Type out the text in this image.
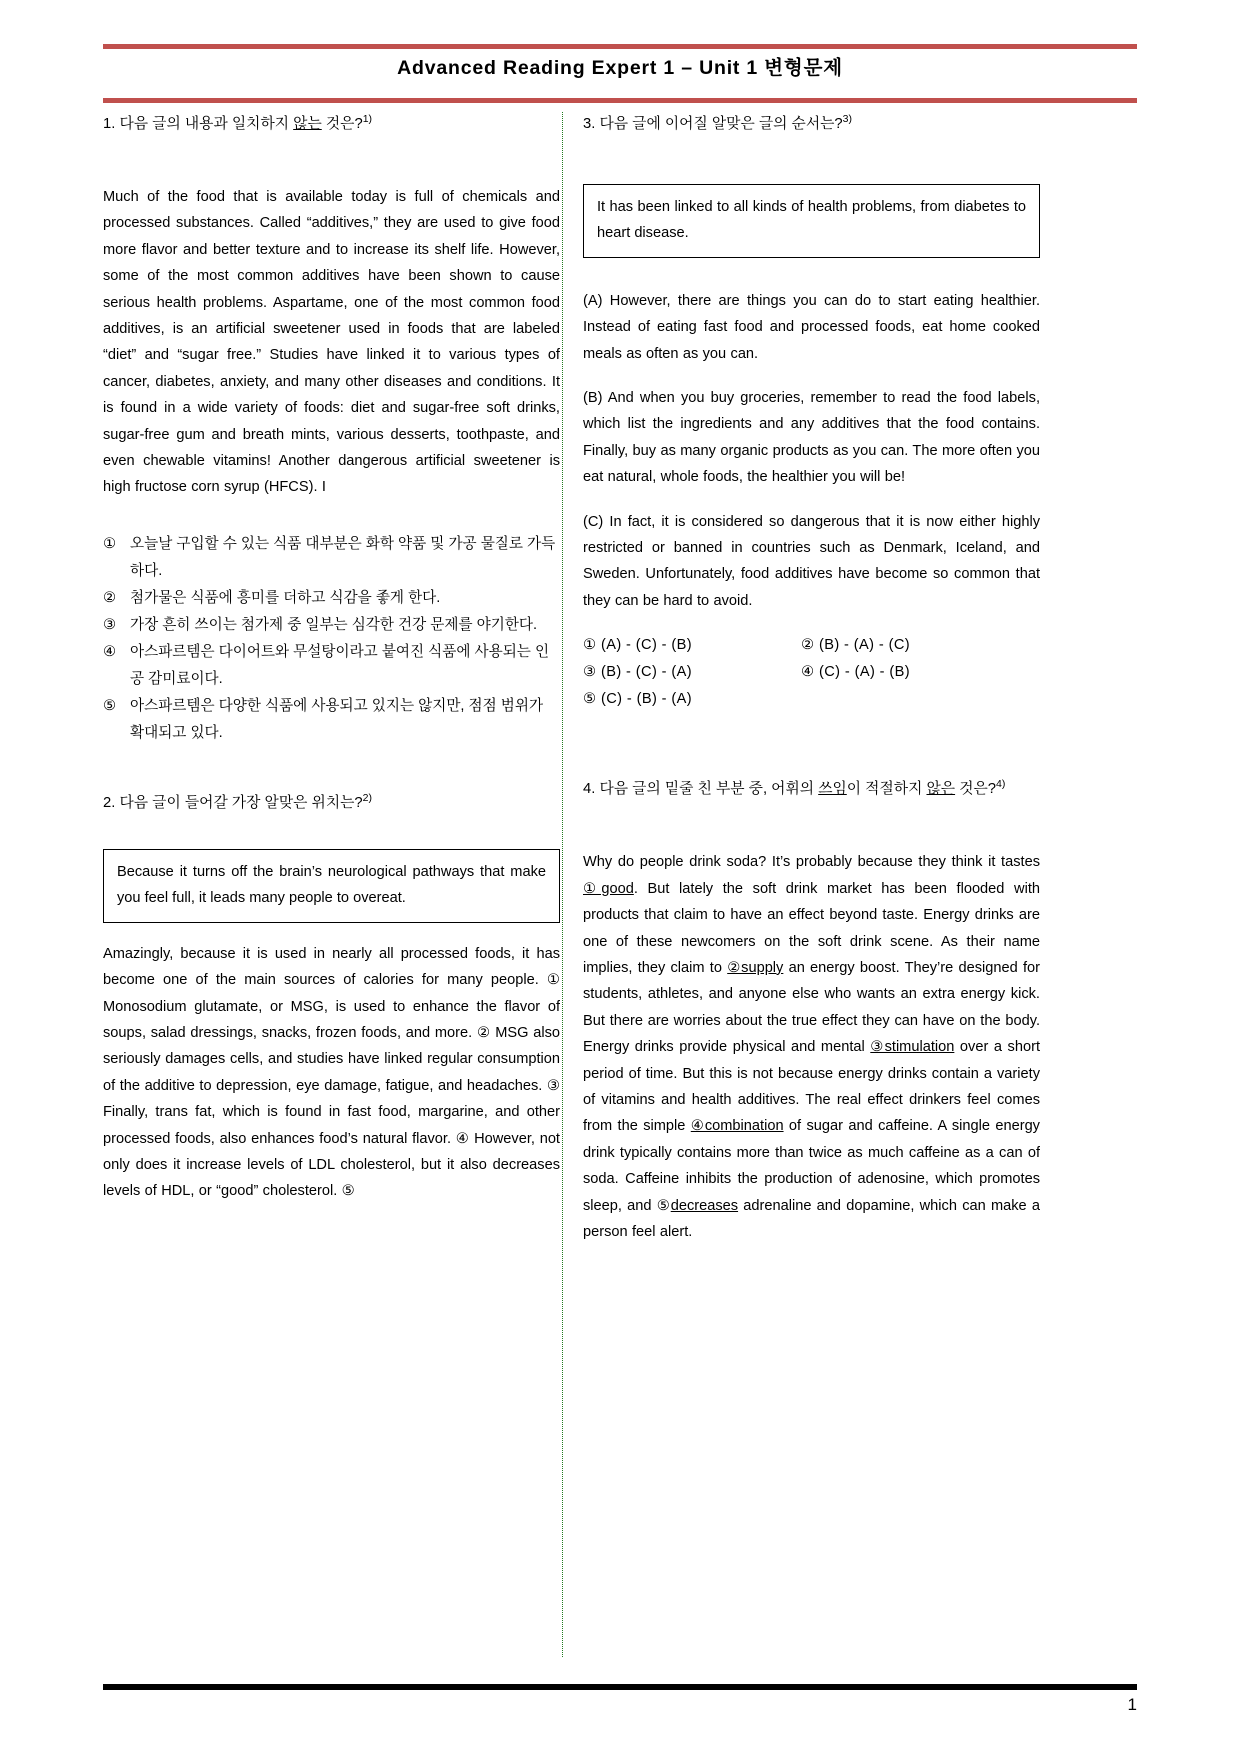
Advanced Reading Expert 1 – Unit 1 변형문제
1. 다음 글의 내용과 일치하지 않는 것은?$^{1)}$

Much of the food that is available today is full of chemicals and processed substances. Called “additives,” they are used to give food more flavor and better texture and to increase its shelf life. However, some of the most common additives have been shown to cause serious health problems. Aspartame, one of the most common food additives, is an artificial sweetener used in foods that are labeled “diet” and “sugar free.” Studies have linked it to various types of cancer, diabetes, anxiety, and many other diseases and conditions. It is found in a wide variety of foods: diet and sugar-free soft drinks, sugar-free gum and breath mints, various desserts, toothpaste, and even chewable vitamins! Another dangerous artificial sweetener is high fructose corn syrup (HFCS). I

① 오늘날 구입할 수 있는 식품 대부분은 화학 약품 및 가공 물질로 가득하다.
② 첨가물은 식품에 흥미를 더하고 식감을 좋게 한다.
③ 가장 흔히 쓰이는 첨가제 중 일부는 심각한 건강 문제를 야기한다.
④ 아스파르템은 다이어트와 무설탕이라고 붙여진 식품에 사용되는 인공 감미료이다.
⑤ 아스파르템은 다양한 식품에 사용되고 있지는 않지만, 점점 범위가 확대되고 있다.
2. 다음 글이 들어갈 가장 알맞은 위치는?$^{2)}$
Because it turns off the brain’s neurological pathways that make you feel full, it leads many people to overeat.

Amazingly, because it is used in nearly all processed foods, it has become one of the main sources of calories for many people. ① Monosodium glutamate, or MSG, is used to enhance the flavor of soups, salad dressings, snacks, frozen foods, and more. ② MSG also seriously damages cells, and studies have linked regular consumption of the additive to depression, eye damage, fatigue, and headaches. ③ Finally, trans fat, which is found in fast food, margarine, and other processed foods, also enhances food’s natural flavor. ④ However, not only does it increase levels of LDL cholesterol, but it also decreases levels of HDL, or “good” cholesterol. ⑤

3. 다음 글에 이어질 알맞은 글의 순서는?$^{3)}$
It has been linked to all kinds of health problems, from diabetes to heart disease.

(A) However, there are things you can do to start eating healthier. Instead of eating fast food and processed foods, eat home cooked meals as often as you can.

(B) And when you buy groceries, remember to read the food labels, which list the ingredients and any additives that the food contains. Finally, buy as many organic products as you can. The more often you eat natural, whole foods, the healthier you will be!

(C) In fact, it is considered so dangerous that it is now either highly restricted or banned in countries such as Denmark, Iceland, and Sweden. Unfortunately, food additives have become so common that they can be hard to avoid.

① (A) - (C) - (B)	② (B) - (A) - (C)
③ (B) - (C) - (A)	④ (C) - (A) - (B)
⑤ (C) - (B) - (A)
4. 다음 글의 밑줄 친 부분 중, 어휘의 쓰임이 적절하지 않은 것은?$^{4)}$

Why do people drink soda? It’s probably because they think it tastes ①good. But lately the soft drink market has been flooded with products that claim to have an effect beyond taste. Energy drinks are one of these newcomers on the soft drink scene. As their name implies, they claim to ②supply an energy boost. They’re designed for students, athletes, and anyone else who wants an extra energy kick. But there are worries about the true effect they can have on the body. Energy drinks provide physical and mental ③stimulation over a short period of time. But this is not because energy drinks contain a variety of vitamins and health additives. The real effect drinkers feel comes from the simple ④combination of sugar and caffeine. A single energy drink typically contains more than twice as much caffeine as a can of soda. Caffeine inhibits the production of adenosine, which promotes sleep, and ⑤decreases adrenaline and dopamine, which can make a person feel alert.

1
